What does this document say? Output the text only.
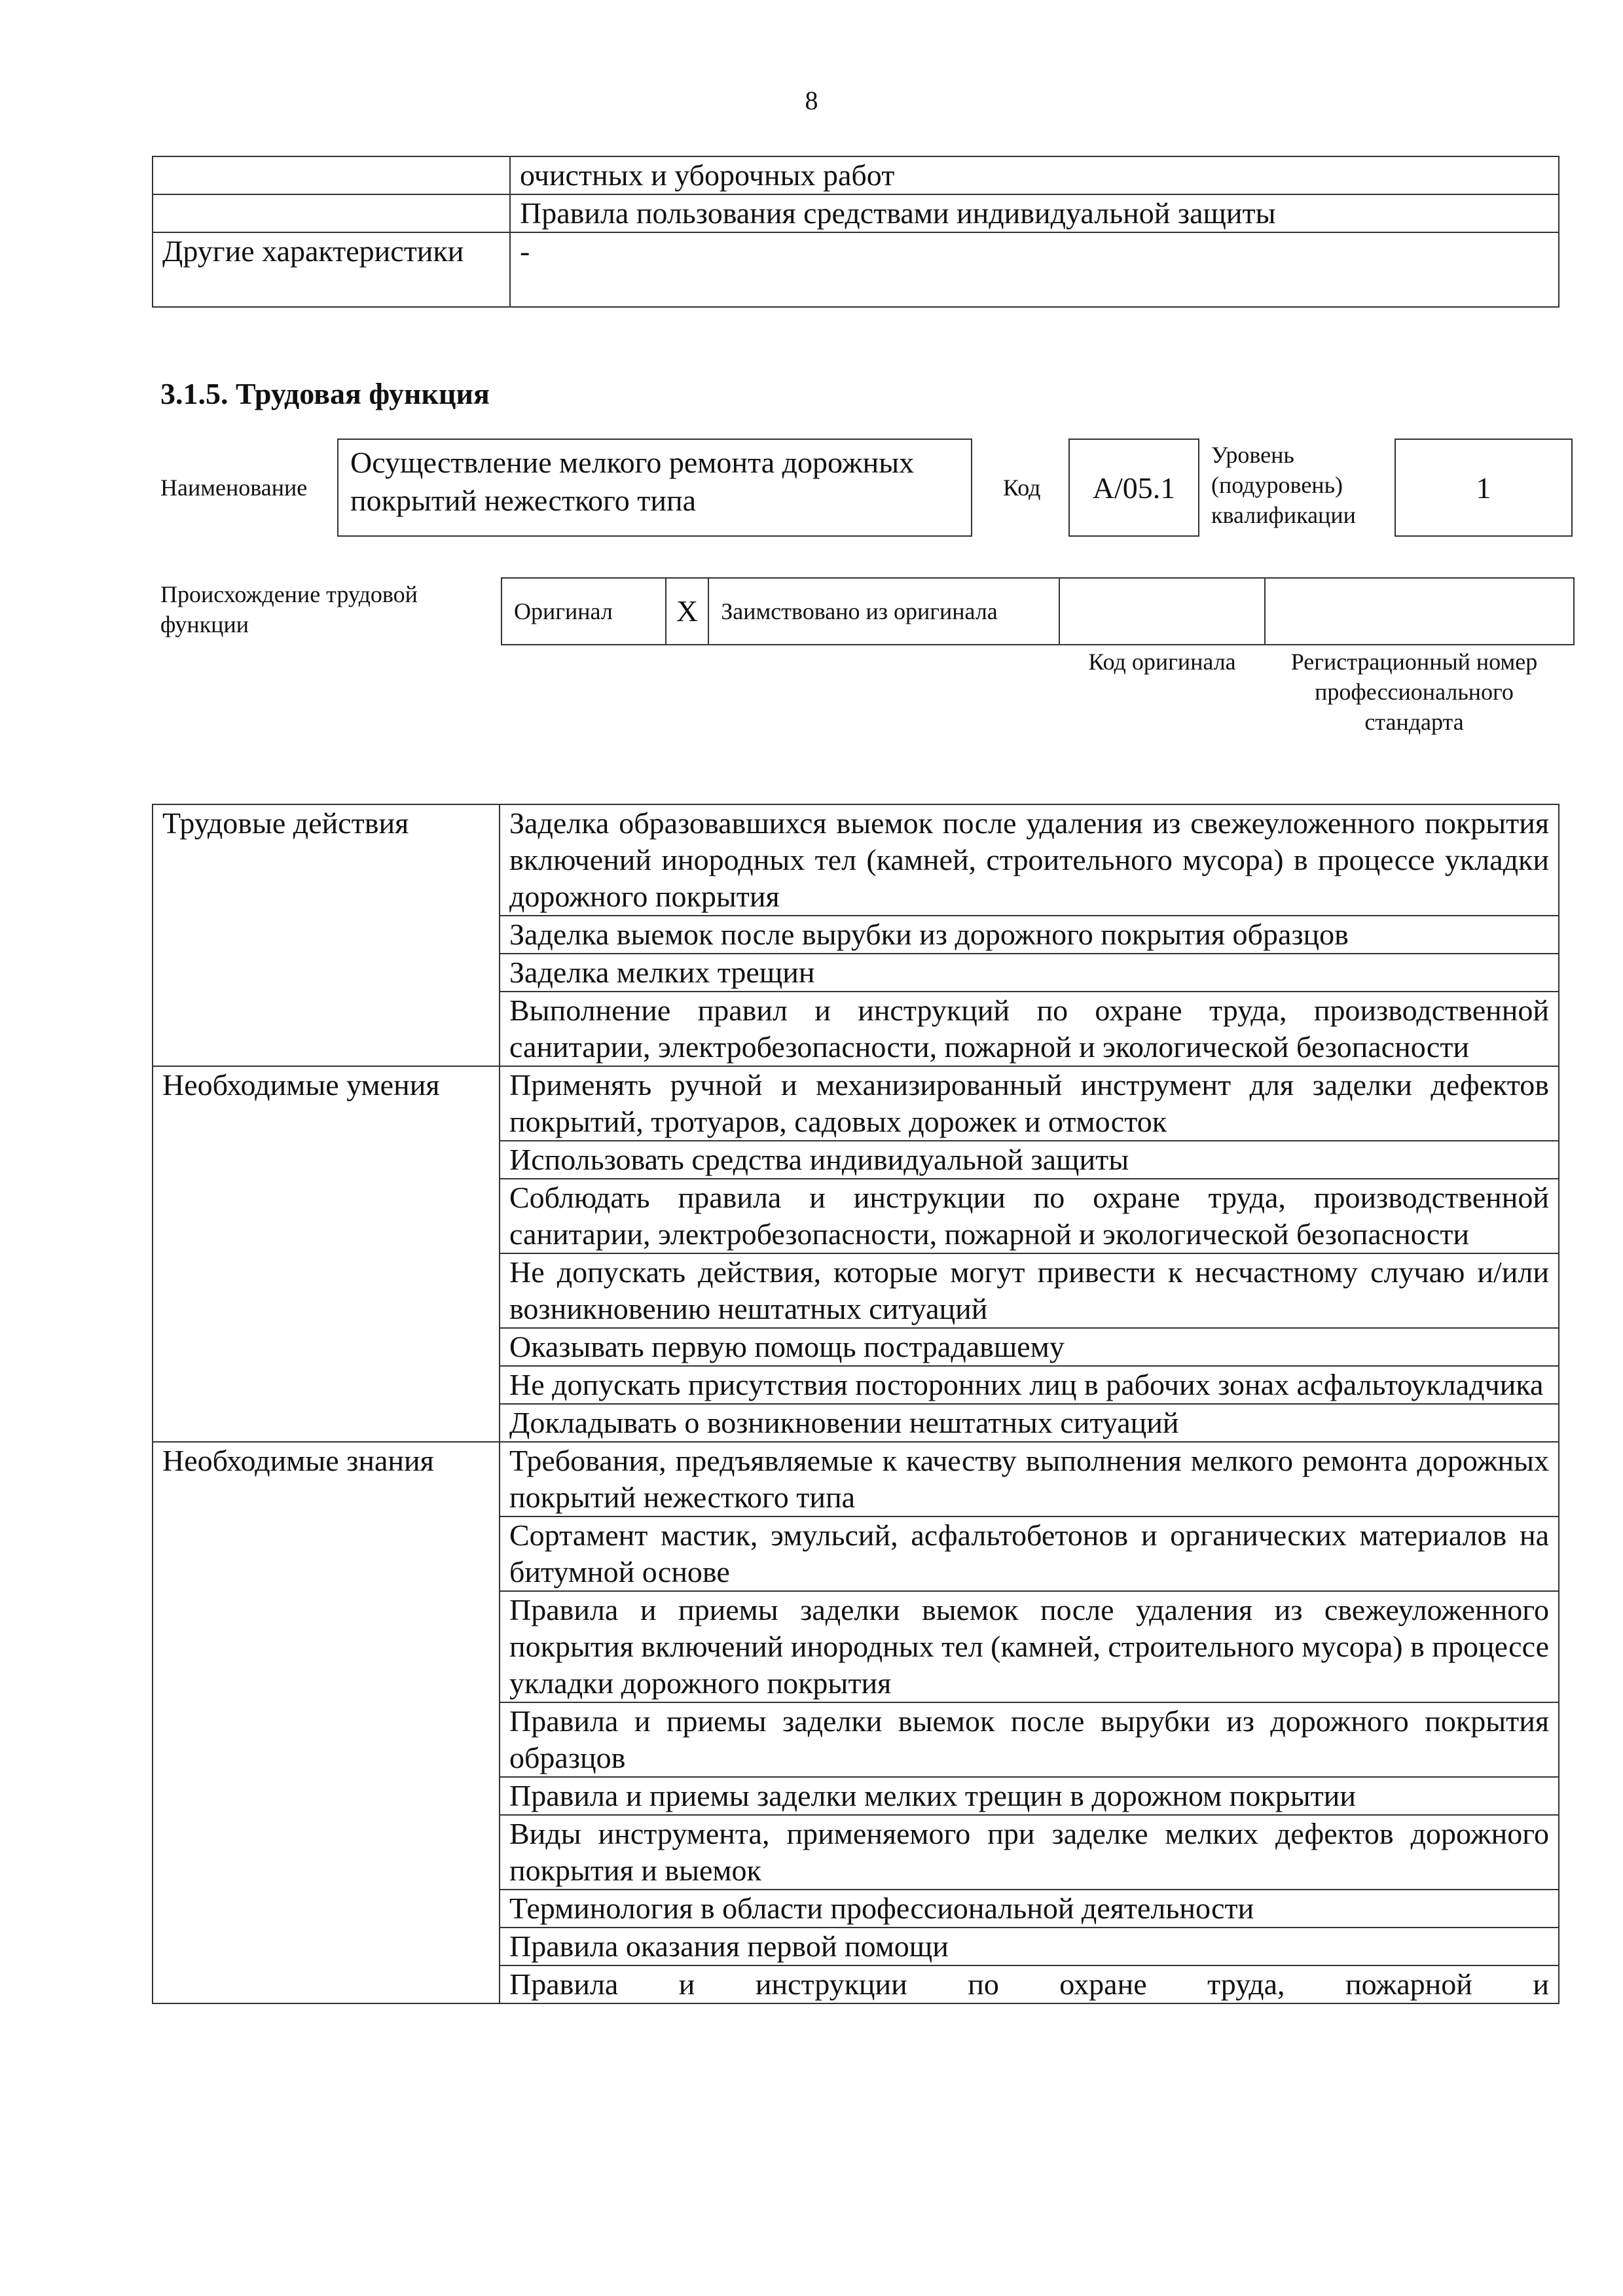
8
	очистных и уборочных работ
	Правила пользования средствами индивидуальной защиты
Другие характеристики	-
3.1.5. Трудовая функция
Наименование
Осуществление мелкого ремонта дорожных покрытий нежесткого типа	Код A/05.1
Уровень (подуровень) квалификации
1
Происхождение трудовой функции	Оригинал	X	Заимствовано из оригинала		
Код оригинала	Регистрационный номер профессионального стандарта
Трудовые действия	Заделка образовавшихся выемок после удаления из свежеуложенного покрытия включений инородных тел (камней, строительного мусора) в процессе укладки дорожного покрытия
	Заделка выемок после вырубки из дорожного покрытия образцов
	Заделка мелких трещин
	Выполнение правил и инструкций по охране труда, производственной санитарии, электробезопасности, пожарной и экологической безопасности
Необходимые умения	Применять ручной и механизированный инструмент для заделки дефектов покрытий, тротуаров, садовых дорожек и отмосток
	Использовать средства индивидуальной защиты
	Соблюдать правила и инструкции по охране труда, производственной санитарии, электробезопасности, пожарной и экологической безопасности
	Не допускать действия, которые могут привести к несчастному случаю и/или возникновению нештатных ситуаций
	Оказывать первую помощь пострадавшему
	Не допускать присутствия посторонних лиц в рабочих зонах асфальтоукладчика
	Докладывать о возникновении нештатных ситуаций
Необходимые знания	Требования, предъявляемые к качеству выполнения мелкого ремонта дорожных покрытий нежесткого типа
	Сортамент мастик, эмульсий, асфальтобетонов и органических материалов на битумной основе
	Правила и приемы заделки выемок после удаления из свежеуложенного покрытия включений инородных тел (камней, строительного мусора) в процессе укладки дорожного покрытия
	Правила и приемы заделки выемок после вырубки из дорожного покрытия образцов
	Правила и приемы заделки мелких трещин в дорожном покрытии
	Виды инструмента, применяемого при заделке мелких дефектов дорожного покрытия и выемок
	Терминология в области профессиональной деятельности
	Правила оказания первой помощи
	Правила и инструкции по охране труда, пожарной и
